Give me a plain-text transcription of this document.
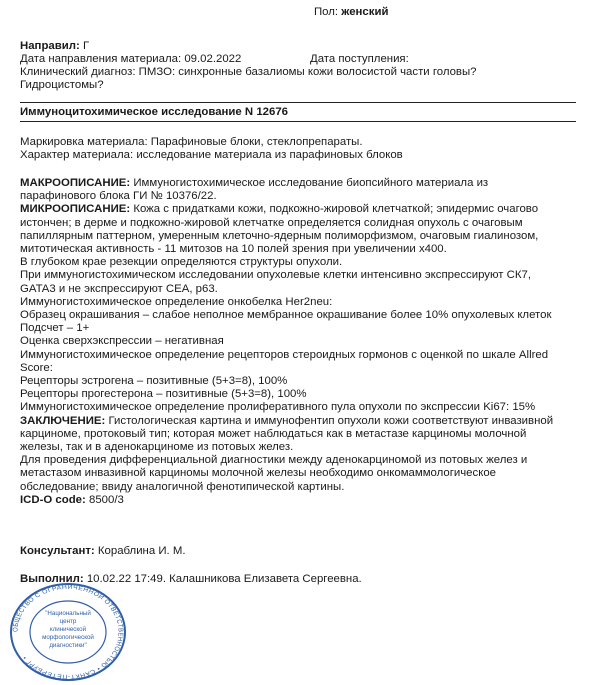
Пол: женский
Направил: Г
Дата направления материала: 09.02.2022	Дата поступления:
Клинический диагноз: ПМЗО: синхронные базалиомы кожи волосистой части головы?
Гидроцистомы?
Иммуноцитохимическое исследование N 12676
Маркировка материала: Парафиновые блоки, стеклопрепараты.
Характер материала: исследование материала из парафиновых блоков

МАКРООПИСАНИЕ: Иммуногистохимическое исследование биопсийного материала из

парафинового блока ГИ № 10376/22.

МИКРООПИСАНИЕ: Кожа с придатками кожи, подкожно-жировой клетчаткой; эпидермис очагово

истончен; в дерме и подкожно-жировой клетчатке определяется солидная опухоль с очаговым

папиллярным паттерном, умеренным клеточно-ядерным полиморфизмом, очаговым гиалинозом,

митотическая активность - 11 митозов на 10 полей зрения при увеличении x400.

В глубоком крае резекции определяются структуры опухоли.

При иммуногистохимическом исследовании опухолевые клетки интенсивно экспрессируют СК7,

GATA3 и не экспрессируют СЕА, р63.

Иммуногистохимическое определение онкобелка Her2neu:

Образец окрашивания – слабое неполное мембранное окрашивание более 10% опухолевых клеток

Подсчет – 1+

Оценка сверхэкспрессии – негативная

Иммуногистохимическое определение рецепторов стероидных гормонов с оценкой по шкале Allred

Score:

Рецепторы эстрогена – позитивные (5+3=8), 100%

Рецепторы прогестерона – позитивные (5+3=8), 100%

Иммуногистохимическое определение пролиферативного пула опухоли по экспрессии Ki67: 15%

ЗАКЛЮЧЕНИЕ: Гистологическая картина и иммунофентип опухоли кожи соответствуют инвазивной

карциноме, протоковый тип; которая может наблюдаться как в метастазе карциномы молочной

железы, так и в аденокарциноме из потовых желез.

Для проведения дифференциальной диагностики между аденокарциномой из потовых желез и

метастазом инвазивной карциномы молочной железы необходимо онкомаммологическое

обследование; ввиду аналогичной фенотипической картины.

ICD-O code: 8500/3

Консультант: Кораблина И. М.
Выполнил: 10.02.22 17:49. Калашникова Елизавета Сергеевна.
ОБЩЕСТВО С ОГРАНИЧЕННОЙ ОТВЕТСТВЕННОСТЬЮ • САНКТ-ПЕТЕРБУРГ •
"Национальный
центр
клинической
морфологической
диагностики"
